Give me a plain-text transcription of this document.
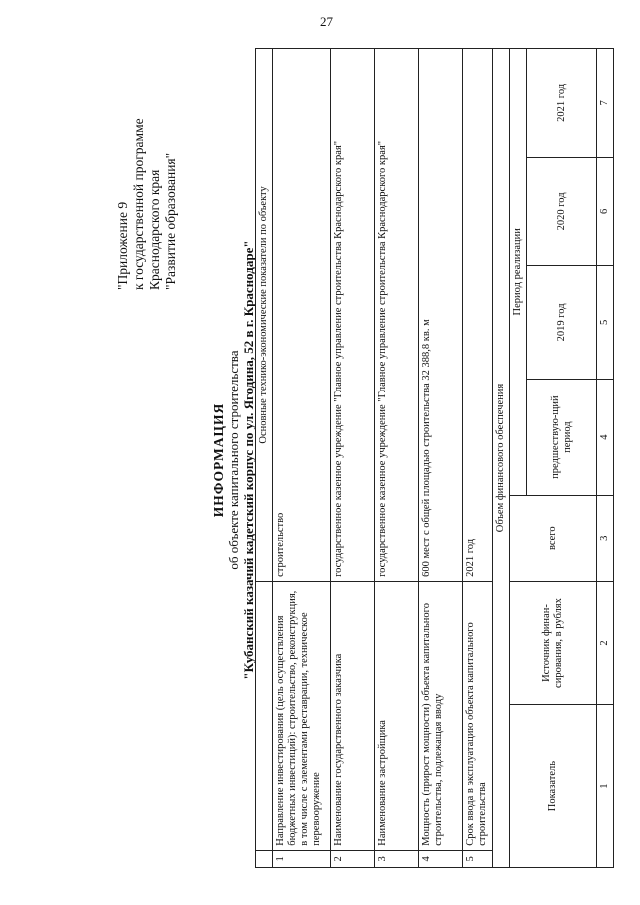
27
"Приложение 9 к государственной программе Краснодарского края "Развитие образования"
ИНФОРМАЦИЯ об объекте капитального строительства "Кубанский казачий кадетский корпус по ул. Ягодина, 52 в г. Краснодаре"
			Основные технико-экономические показатели по объекту				
1	Направление инвестирования (цель осуществления бюджетных инвестиций): строительство, реконструкция, в том числе с элементами реставрации, техническое перевооружение		строительство				
2	Наименование государственного заказчика		государственное казенное учреждение "Главное управление строительства Краснодарского края"				
3	Наименование застройщика		государственное казенное учреждение "Главное управление строительства Краснодарского края"				
4	Мощность (прирост мощности) объекта капитального строительства, подлежащая вводу		600 мест с общей площадью строительства 32 388,8 кв. м				
5	Срок ввода в эксплуатацию объекта капитального строительства		2021 год				
Объем финансового обеспечения							
Показатель		Источник финан-сирования, в рублях	всего	Период реализации			
				предшествую-щий период	2019 год	2020 год	2021 год
1		2	3	4	5	6	7
